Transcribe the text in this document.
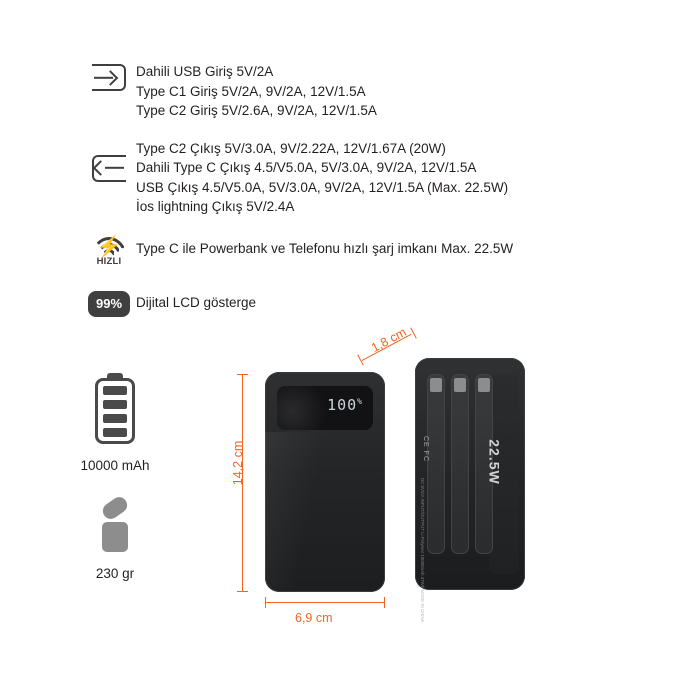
Dahili USB Giriş 5V/2A
Type C1 Giriş 5V/2A, 9V/2A, 12V/1.5A
Type C2 Giriş 5V/2.6A, 9V/2A, 12V/1.5A
Type C2 Çıkış 5V/3.0A, 9V/2.22A, 12V/1.67A (20W)
Dahili Type C Çıkış 4.5/V5.0A, 5V/3.0A, 9V/2A, 12V/1.5A
USB Çıkış 4.5/V5.0A, 5V/3.0A, 9V/2A, 12V/1.5A (Max. 22.5W)
İos lightning Çıkış 5V/2.4A
⚡
HIZLI
Type C ile Powerbank ve Telefonu hızlı şarj imkanı Max. 22.5W
99%	Dijital LCD gösterge
10000 mAh
230 gr
14,2 cm
100%
CE FC
DC 5V/2A INPUT/OUTPUT Li-Polymer 10000mAh 37Wh MADE IN CHINA
22.5W
1,8 cm
6,9 cm
